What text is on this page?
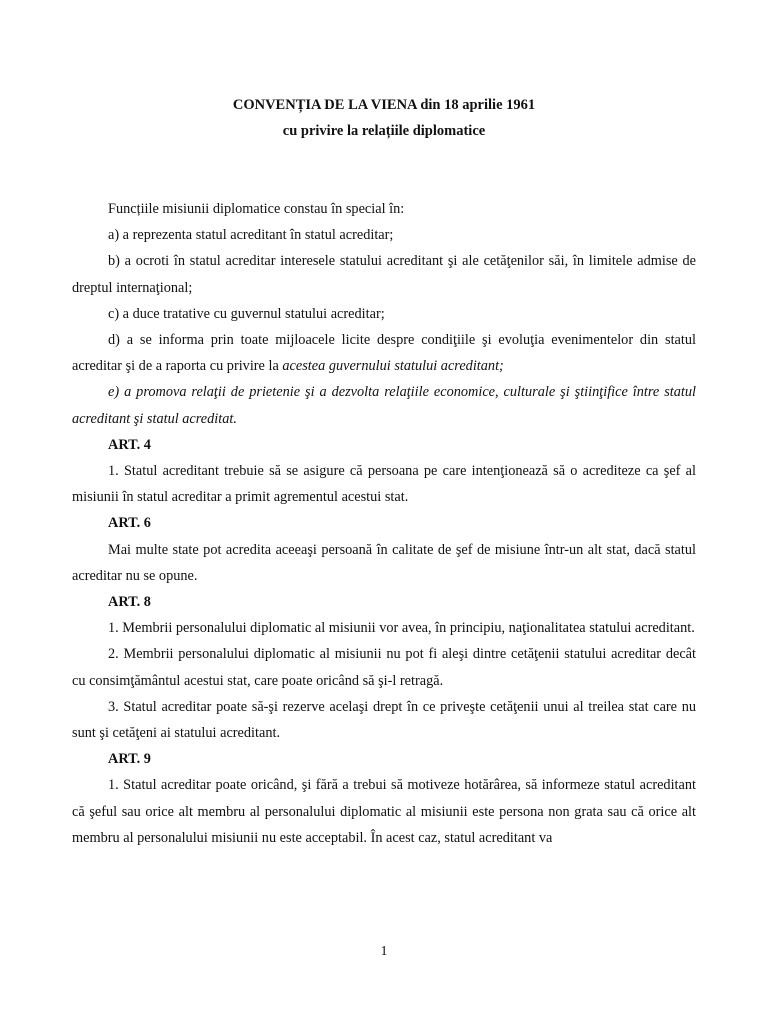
CONVENȚIA DE LA VIENA din 18 aprilie 1961
cu privire la relațiile diplomatice

Funcțiile misiunii diplomatice constau în special în:

a) a reprezenta statul acreditant în statul acreditar;

b) a ocroti în statul acreditar interesele statului acreditant şi ale cetăţenilor săi, în limitele admise de dreptul internaţional;

c) a duce tratative cu guvernul statului acreditar;

d) a se informa prin toate mijloacele licite despre condiţiile şi evoluţia evenimentelor din statul acreditar şi de a raporta cu privire la acestea guvernului statului acreditant;

e) a promova relaţii de prietenie şi a dezvolta relaţiile economice, culturale şi ştiinţifice între statul acreditant şi statul acreditat.

ART. 4

1. Statul acreditant trebuie să se asigure că persoana pe care intenţionează să o acrediteze ca şef al misiunii în statul acreditar a primit agrementul acestui stat.

ART. 6

Mai multe state pot acredita aceeaşi persoană în calitate de şef de misiune într-un alt stat, dacă statul acreditar nu se opune.

ART. 8

1. Membrii personalului diplomatic al misiunii vor avea, în principiu, naţionalitatea statului acreditant.

2. Membrii personalului diplomatic al misiunii nu pot fi aleşi dintre cetăţenii statului acreditar decât cu consimţământul acestui stat, care poate oricând să şi-l retragă.

3. Statul acreditar poate să-şi rezerve acelaşi drept în ce priveşte cetăţenii unui al treilea stat care nu sunt şi cetăţeni ai statului acreditant.

ART. 9

1. Statul acreditar poate oricând, şi fără a trebui să motiveze hotărârea, să informeze statul acreditant că şeful sau orice alt membru al personalului diplomatic al misiunii este persona non grata sau că orice alt membru al personalului misiunii nu este acceptabil. În acest caz, statul acreditant va

1
